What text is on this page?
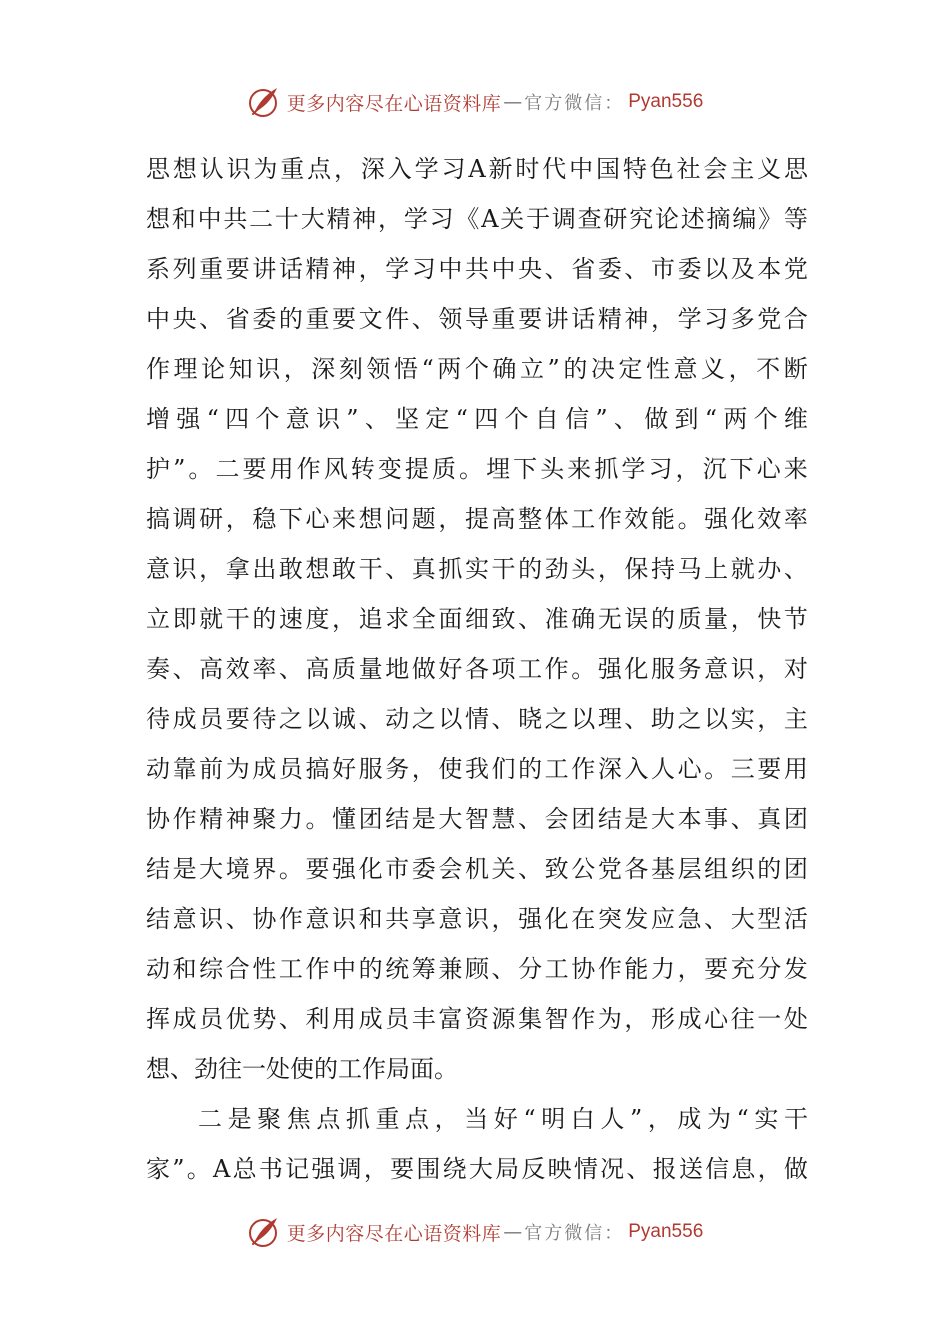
更多内容尽在心语资料库 — 官方微信： Pyan556
思 想 认 识 为 重 点 ， 深 入 学 习 A 新 时 代 中 国 特 色 社 会 主 义 思
想 和 中 共 二 十 大 精 神 ， 学 习 《 A 关 于 调 查 研 究 论 述 摘 编 》 等
系 列 重 要 讲 话 精 神 ， 学 习 中 共 中 央 、 省 委 、 市 委 以 及 本 党
中 央 、 省 委 的 重 要 文 件 、 领 导 重 要 讲 话 精 神 ， 学 习 多 党 合
作 理 论 知 识 ， 深 刻 领 悟 “ 两 个 确 立 ” 的 决 定 性 意 义 ， 不 断
增 强 “ 四 个 意 识 ” 、 坚 定 “ 四 个 自 信 ” 、 做 到 “ 两 个 维
护 ” 。 二 要 用 作 风 转 变 提 质 。 埋 下 头 来 抓 学 习 ， 沉 下 心 来
搞 调 研 ， 稳 下 心 来 想 问 题 ， 提 高 整 体 工 作 效 能 。 强 化 效 率
意 识 ， 拿 出 敢 想 敢 干 、 真 抓 实 干 的 劲 头 ， 保 持 马 上 就 办 、
立 即 就 干 的 速 度 ， 追 求 全 面 细 致 、 准 确 无 误 的 质 量 ， 快 节
奏 、 高 效 率 、 高 质 量 地 做 好 各 项 工 作 。 强 化 服 务 意 识 ， 对
待 成 员 要 待 之 以 诚 、 动 之 以 情 、 晓 之 以 理 、 助 之 以 实 ， 主
动 靠 前 为 成 员 搞 好 服 务 ， 使 我 们 的 工 作 深 入 人 心 。 三 要 用
协 作 精 神 聚 力 。 懂 团 结 是 大 智 慧 、 会 团 结 是 大 本 事 、 真 团
结 是 大 境 界 。 要 强 化 市 委 会 机 关 、 致 公 党 各 基 层 组 织 的 团
结 意 识 、 协 作 意 识 和 共 享 意 识 ， 强 化 在 突 发 应 急 、 大 型 活
动 和 综 合 性 工 作 中 的 统 筹 兼 顾 、 分 工 协 作 能 力 ， 要 充 分 发
挥 成 员 优 势 、 利 用 成 员 丰 富 资 源 集 智 作 为 ， 形 成 心 往 一 处
想、劲往一处使的工作局面。
二 是 聚 焦 点 抓 重 点 ， 当 好 “ 明 白 人 ” ， 成 为 “ 实 干
家 ” 。 A 总 书 记 强 调 ， 要 围 绕 大 局 反 映 情 况 、 报 送 信 息 ， 做
更多内容尽在心语资料库 — 官方微信： Pyan556
